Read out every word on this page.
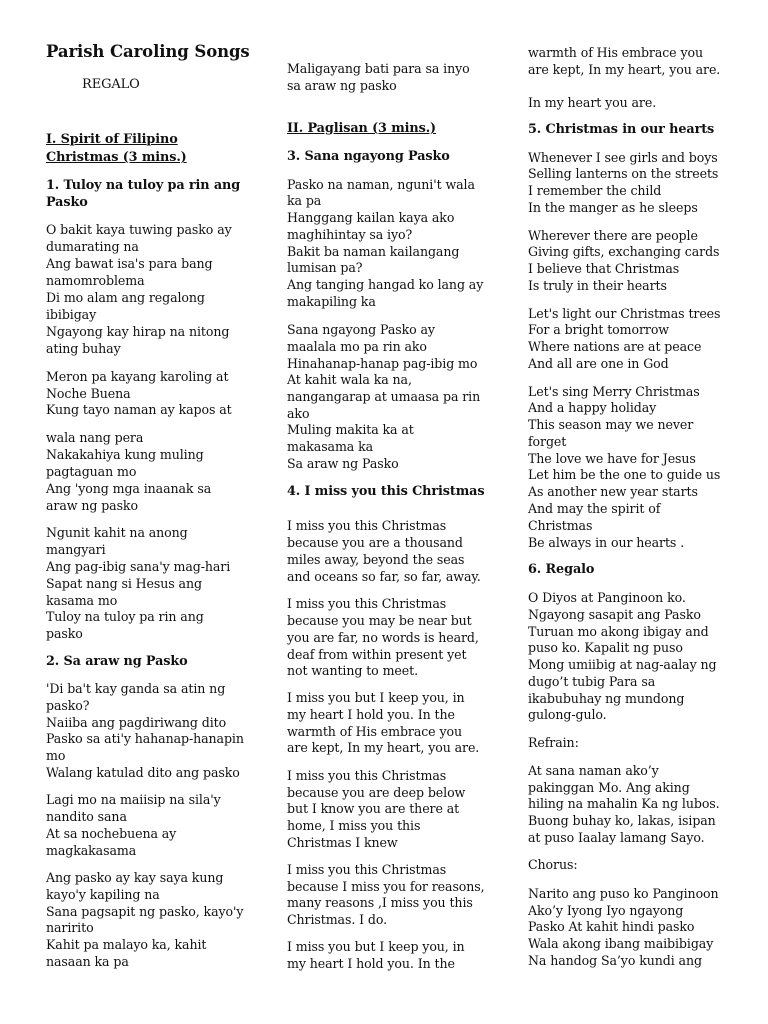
Parish Caroling Songs
REGALO
I. Spirit of Filipino
Christmas (3 mins.)
1. Tuloy na tuloy pa rin ang
Pasko
O bakit kaya tuwing pasko ay
dumarating na
Ang bawat isa's para bang
namomroblema
Di mo alam ang regalong
ibibigay
Ngayong kay hirap na nitong
ating buhay
Meron pa kayang karoling at
Noche Buena
Kung tayo naman ay kapos at
wala nang pera
Nakakahiya kung muling
pagtaguan mo
Ang 'yong mga inaanak sa
araw ng pasko
Ngunit kahit na anong
mangyari
Ang pag-ibig sana'y mag-hari
Sapat nang si Hesus ang
kasama mo
Tuloy na tuloy pa rin ang
pasko
2. Sa araw ng Pasko
'Di ba't kay ganda sa atin ng
pasko?
Naiiba ang pagdiriwang dito
Pasko sa ati'y hahanap-hanapin
mo
Walang katulad dito ang pasko
Lagi mo na maiisip na sila'y
nandito sana
At sa nochebuena ay
magkakasama
Ang pasko ay kay saya kung
kayo'y kapiling na
Sana pagsapit ng pasko, kayo'y
naririto
Kahit pa malayo ka, kahit
nasaan ka pa
Maligayang bati para sa inyo
sa araw ng pasko
II. Paglisan (3 mins.)
3. Sana ngayong Pasko
Pasko na naman, nguni't wala
ka pa
Hanggang kailan kaya ako
maghihintay sa iyo?
Bakit ba naman kailangang
lumisan pa?
Ang tanging hangad ko lang ay
makapiling ka
Sana ngayong Pasko ay
maalala mo pa rin ako
Hinahanap-hanap pag-ibig mo
At kahit wala ka na,
nangangarap at umaasa pa rin
ako
Muling makita ka at
makasama ka
Sa araw ng Pasko
4. I miss you this Christmas
I miss you this Christmas
because you are a thousand
miles away, beyond the seas
and oceans so far, so far, away.
I miss you this Christmas
because you may be near but
you are far, no words is heard,
deaf from within present yet
not wanting to meet.
I miss you but I keep you, in
my heart I hold you. In the
warmth of His embrace you
are kept, In my heart, you are.
I miss you this Christmas
because you are deep below
but I know you are there at
home, I miss you this
Christmas I knew
I miss you this Christmas
because I miss you for reasons,
many reasons ,I miss you this
Christmas. I do.
I miss you but I keep you, in
my heart I hold you. In the
warmth of His embrace you
are kept, In my heart, you are.
In my heart you are.
5. Christmas in our hearts
Whenever I see girls and boys
Selling lanterns on the streets
I remember the child
In the manger as he sleeps
Wherever there are people
Giving gifts, exchanging cards
I believe that Christmas
Is truly in their hearts
Let's light our Christmas trees
For a bright tomorrow
Where nations are at peace
And all are one in God
Let's sing Merry Christmas
And a happy holiday
This season may we never
forget
The love we have for Jesus
Let him be the one to guide us
As another new year starts
And may the spirit of
Christmas
Be always in our hearts .
6. Regalo
O Diyos at Panginoon ko.
Ngayong sasapit ang Pasko
Turuan mo akong ibigay and
puso ko. Kapalit ng puso
Mong umiibig at nag-aalay ng
dugo’t tubig Para sa
ikabubuhay ng mundong
gulong-gulo.
Refrain:
At sana naman ako’y
pakinggan Mo. Ang aking
hiling na mahalin Ka ng lubos.
Buong buhay ko, lakas, isipan
at puso Iaalay lamang Sayo.
Chorus:
Narito ang puso ko Panginoon
Ako’y Iyong Iyo ngayong
Pasko At kahit hindi pasko
Wala akong ibang maibibigay
Na handog Sa’yo kundi ang
